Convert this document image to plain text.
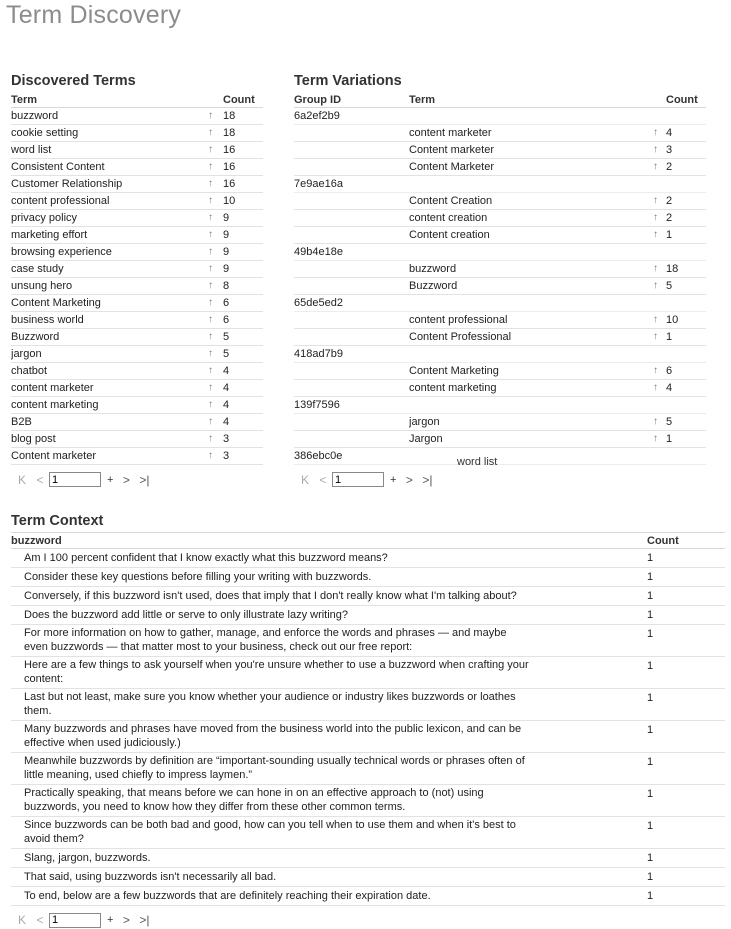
Term Discovery
Discovered Terms
Term		Count
buzzword	↑	18
cookie setting	↑	18
word list	↑	16
Consistent Content	↑	16
Customer Relationship	↑	16
content professional	↑	10
privacy policy	↑	9
marketing effort	↑	9
browsing experience	↑	9
case study	↑	9
unsung hero	↑	8
Content Marketing	↑	6
business world	↑	6
Buzzword	↑	5
jargon	↑	5
chatbot	↑	4
content marketer	↑	4
content marketing	↑	4
B2B	↑	4
blog post	↑	3
Content marketer	↑	3
K <
1	+ > >|
Term Variations
Group ID	Term		Count
6a2ef2b9			
	content marketer	↑	4
	Content marketer	↑	3
	Content Marketer	↑	2
7e9ae16a			
	Content Creation	↑	2
	content creation	↑	2
	Content creation	↑	1
49b4e18e			
	buzzword	↑	18
	Buzzword	↑	5
65de5ed2			
	content professional	↑	10
	Content Professional	↑	1
418ad7b9			
	Content Marketing	↑	6
	content marketing	↑	4
139f7596			
	jargon	↑	5
	Jargon	↑	1
386ebc0e			
K <
1	+ > >|
word list
Term Context
buzzword	Count
Am I 100 percent confident that I know exactly what this buzzword means?	1
Consider these key questions before filling your writing with buzzwords.	1
Conversely, if this buzzword isn't used, does that imply that I don't really know what I'm talking about?	1
Does the buzzword add little or serve to only illustrate lazy writing?	1
For more information on how to gather, manage, and enforce the words and phrases — and maybe even buzzwords — that matter most to your business, check out our free report:	1
Here are a few things to ask yourself when you're unsure whether to use a buzzword when crafting your content:	1
Last but not least, make sure you know whether your audience or industry likes buzzwords or loathes them.	1
Many buzzwords and phrases have moved from the business world into the public lexicon, and can be effective when used judiciously.)	1
Meanwhile buzzwords by definition are “important-sounding usually technical words or phrases often of little meaning, used chiefly to impress laymen.”	1
Practically speaking, that means before we can hone in on an effective approach to (not) using buzzwords, you need to know how they differ from these other common terms.	1
Since buzzwords can be both bad and good, how can you tell when to use them and when it's best to avoid them?	1
Slang, jargon, buzzwords.	1
That said, using buzzwords isn't necessarily all bad.	1
To end, below are a few buzzwords that are definitely reaching their expiration date.	1
K <
1	+ > >|
